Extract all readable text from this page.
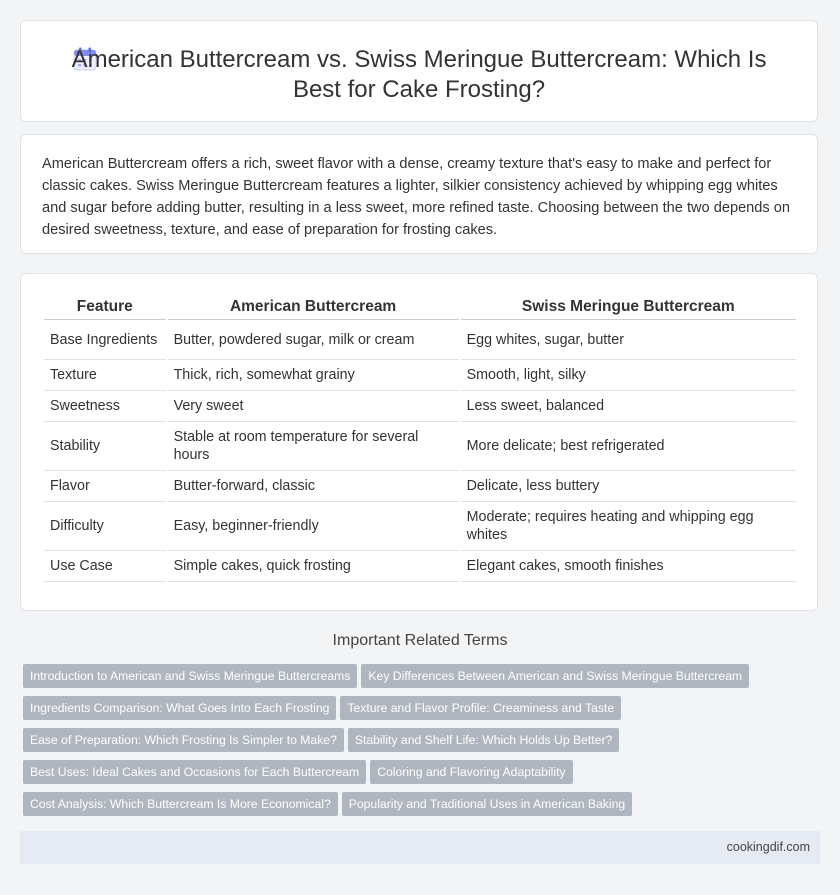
American Buttercream vs. Swiss Meringue Buttercream: Which Is Best for Cake Frosting?

American Buttercream offers a rich, sweet flavor with a dense, creamy texture that's easy to make and perfect for classic cakes. Swiss Meringue Buttercream features a lighter, silkier consistency achieved by whipping egg whites and sugar before adding butter, resulting in a less sweet, more refined taste. Choosing between the two depends on desired sweetness, texture, and ease of preparation for frosting cakes.

Feature	American Buttercream	Swiss Meringue Buttercream
Base Ingredients	Butter, powdered sugar, milk or cream	Egg whites, sugar, butter
Texture	Thick, rich, somewhat grainy	Smooth, light, silky
Sweetness	Very sweet	Less sweet, balanced
Stability	Stable at room temperature for several hours	More delicate; best refrigerated
Flavor	Butter-forward, classic	Delicate, less buttery
Difficulty	Easy, beginner-friendly	Moderate; requires heating and whipping egg whites
Use Case	Simple cakes, quick frosting	Elegant cakes, smooth finishes
Important Related Terms
Introduction to American and Swiss Meringue Buttercreams Key Differences Between American and Swiss Meringue Buttercream
Ingredients Comparison: What Goes Into Each Frosting Texture and Flavor Profile: Creaminess and Taste
Ease of Preparation: Which Frosting Is Simpler to Make? Stability and Shelf Life: Which Holds Up Better?
Best Uses: Ideal Cakes and Occasions for Each Buttercream Coloring and Flavoring Adaptability
Cost Analysis: Which Buttercream Is More Economical? Popularity and Traditional Uses in American Baking
cookingdif.com
